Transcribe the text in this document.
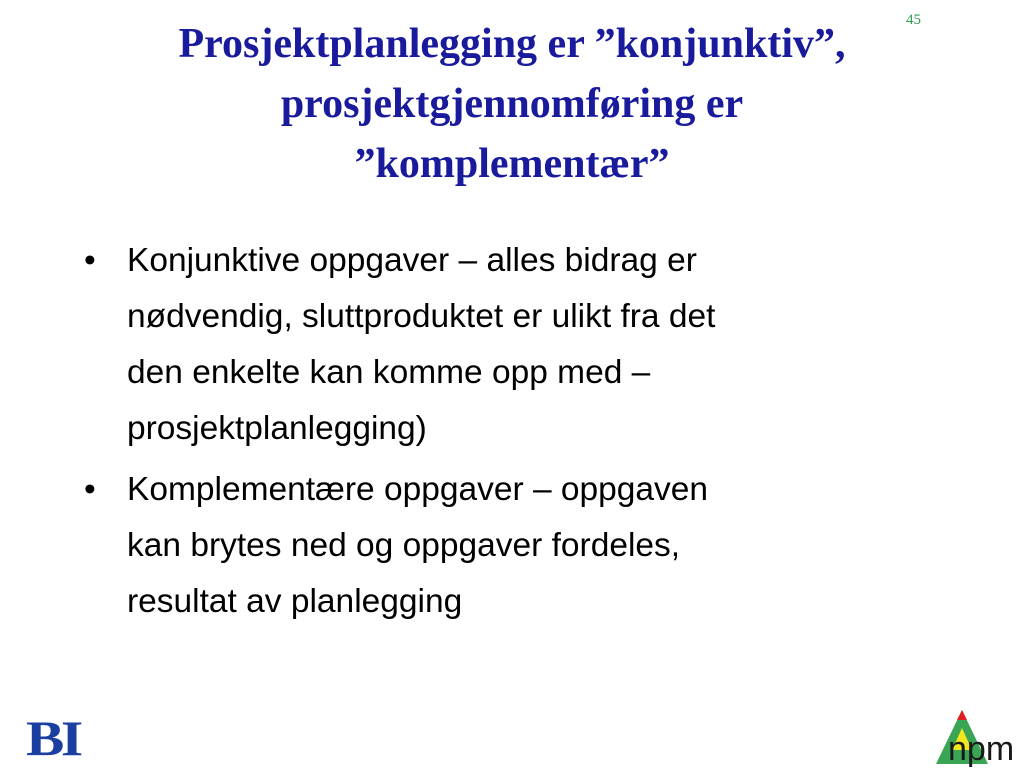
45
Prosjektplanlegging er ”konjunktiv”,
prosjektgjennomføring er
”komplementær”
• Konjunktive oppgaver – alles bidrag er
nødvendig, sluttproduktet er ulikt fra det
den enkelte kan komme opp med –
prosjektplanlegging)
• Komplementære oppgaver – oppgaven
kan brytes ned og oppgaver fordeles,
resultat av planlegging
BI	npm
